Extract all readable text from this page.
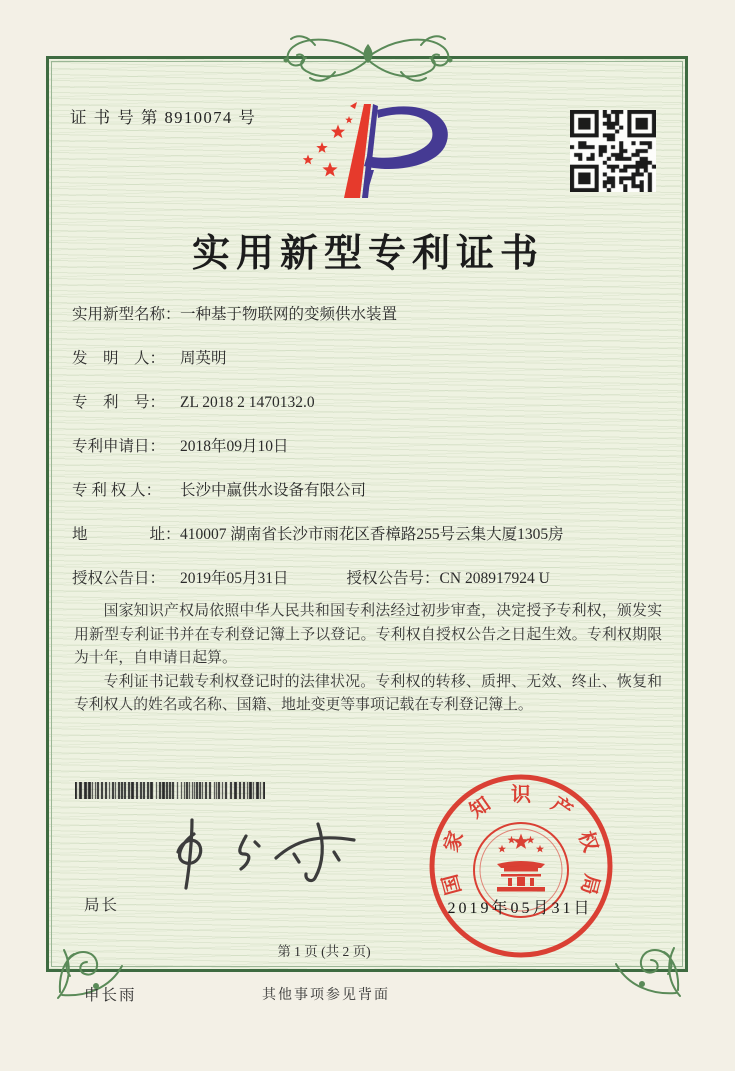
证 书 号 第 8910074 号
实用新型专利证书
实用新型名称： 一种基于物联网的变频供水装置
发　明　人： 周英明
专　利　号： ZL 2018 2 1470132.0
专利申请日： 2018年09月10日
专 利 权 人：	长沙中赢供水设备有限公司
地　　　　址： 410007 湖南省长沙市雨花区香樟路255号云集大厦1305房
授权公告日： 2019年05月31日	授权公告号： CN 208917924 U

国家知识产权局依照中华人民共和国专利法经过初步审查，决定授予专利权，颁发实用新型专利证书并在专利登记簿上予以登记。专利权自授权公告之日起生效。专利权期限为十年，自申请日起算。

专利证书记载专利权登记时的法律状况。专利权的转移、质押、无效、终止、恢复和专利权人的姓名或名称、国籍、地址变更等事项记载在专利登记簿上。

局长

申长雨

国
家
知 识 产
权
局
2019年05月31日
第 1 页 (共 2 页)
其他事项参见背面
